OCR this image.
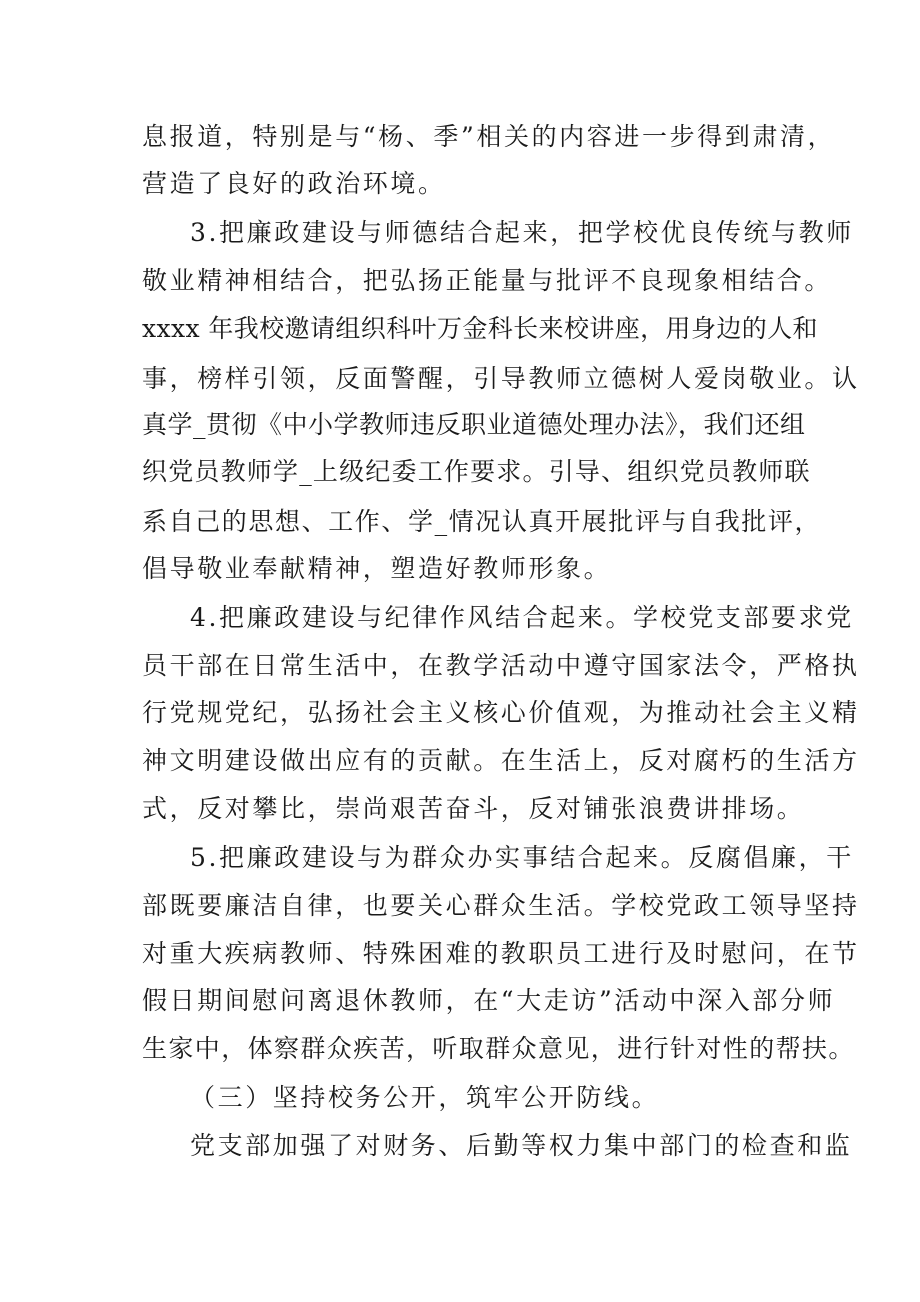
息报道，特别是与“杨、季”相关的内容进一步得到肃清，
营造了良好的政治环境。
3.把廉政建设与师德结合起来，把学校优良传统与教师
敬业精神相结合，把弘扬正能量与批评不良现象相结合。
xxxx 年我校邀请组织科叶万金科长来校讲座，用身边的人和
事，榜样引领，反面警醒，引导教师立德树人爱岗敬业。认
真学_贯彻《中小学教师违反职业道德处理办法》，我们还组
织党员教师学_上级纪委工作要求。引导、组织党员教师联
系自己的思想、工作、学_情况认真开展批评与自我批评，
倡导敬业奉献精神，塑造好教师形象。
4.把廉政建设与纪律作风结合起来。学校党支部要求党
员干部在日常生活中，在教学活动中遵守国家法令，严格执
行党规党纪，弘扬社会主义核心价值观，为推动社会主义精
神文明建设做出应有的贡献。在生活上，反对腐朽的生活方
式，反对攀比，崇尚艰苦奋斗，反对铺张浪费讲排场。
5.把廉政建设与为群众办实事结合起来。反腐倡廉，干
部既要廉洁自律，也要关心群众生活。学校党政工领导坚持
对重大疾病教师、特殊困难的教职员工进行及时慰问，在节
假日期间慰问离退休教师，在“大走访”活动中深入部分师
生家中，体察群众疾苦，听取群众意见，进行针对性的帮扶。
（三）坚持校务公开，筑牢公开防线。
党支部加强了对财务、后勤等权力集中部门的检查和监
